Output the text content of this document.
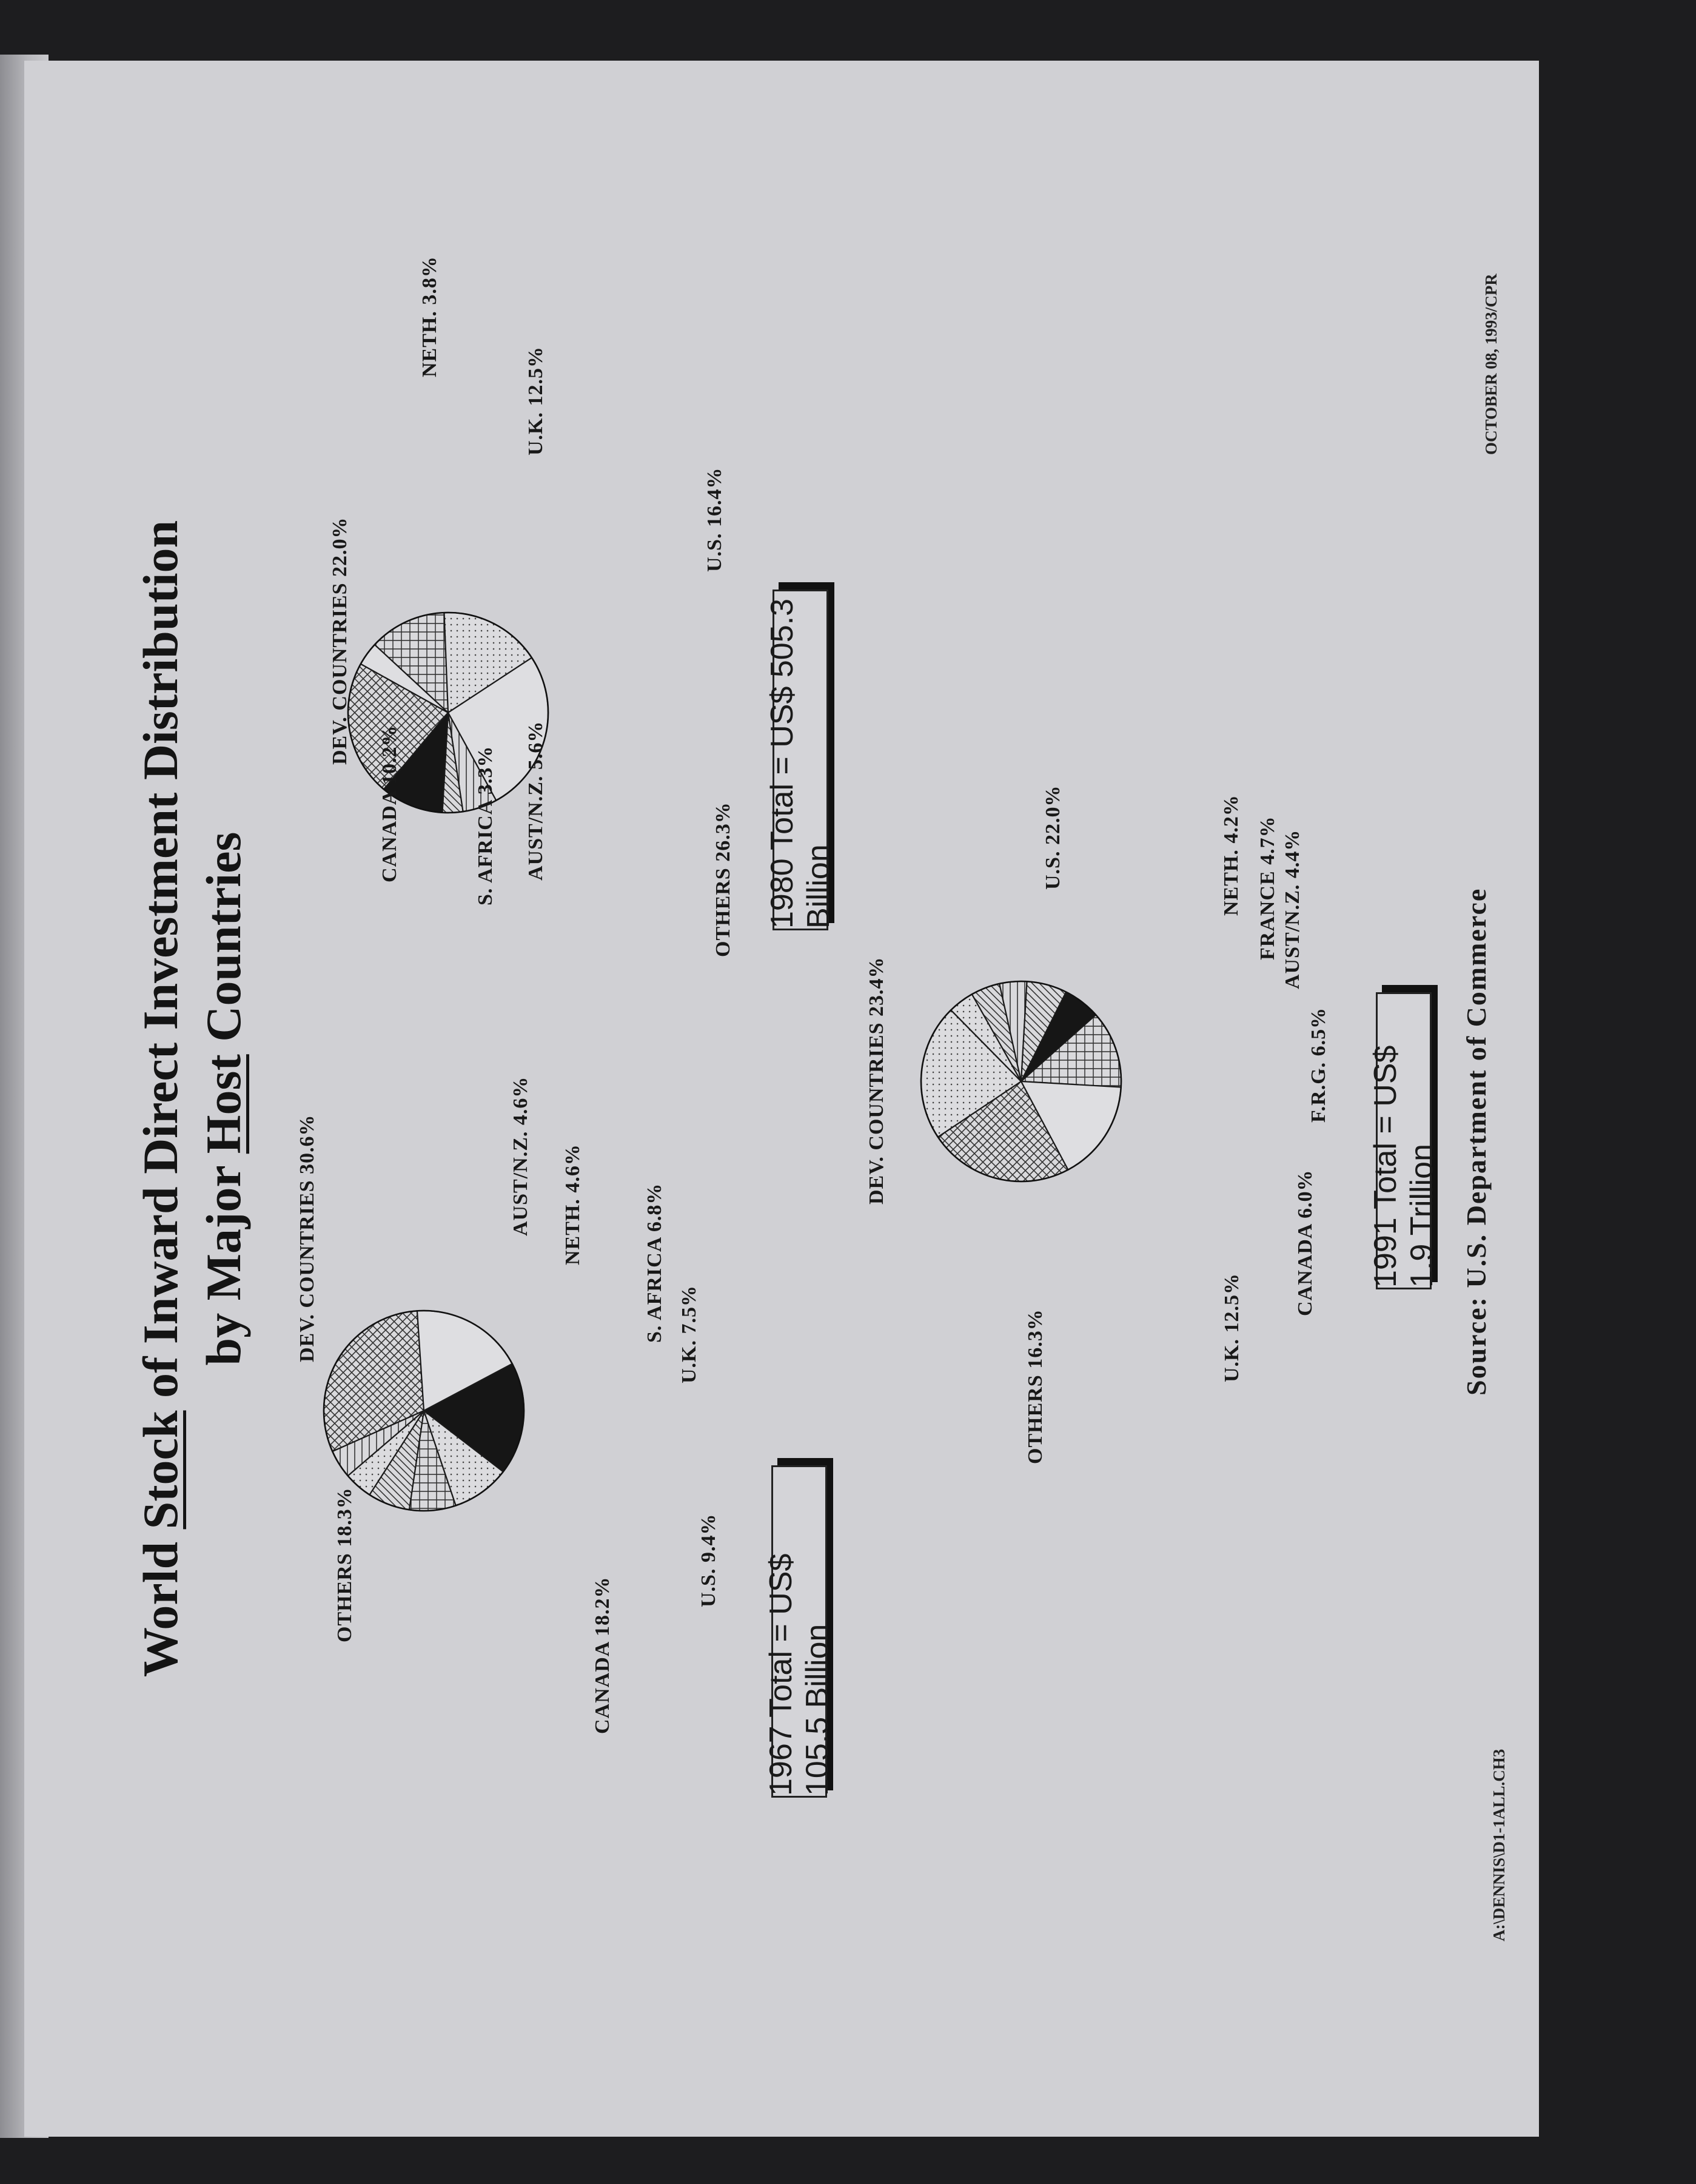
World Stock of Inward Direct Investment Distribution by Major Host Countries
DEV. COUNTRIES 30.6%
OTHERS 18.3%
CANADA 18.2%
U.S. 9.4%
U.K. 7.5%
S. AFRICA 6.8%
NETH. 4.6%
AUST/N.Z. 4.6%
1967 Total = US$ 105.5 Billion
DEV. COUNTRIES 22.0%
NETH. 3.8%
U.K. 12.5%
U.S. 16.4%
OTHERS 26.3%
AUST/N.Z. 5.6%
S. AFRICA 3.3%
CANADA 10.2%	1980 Total = US$ 505.3 Billion
DEV. COUNTRIES 23.4%
U.S. 22.0%	NETH. 4.2% FRANCE 4.7% AUST/N.Z. 4.4%
F.R.G. 6.5%
CANADA 6.0%
U.K. 12.5%
OTHERS 16.3%
1991 Total = US$ 1.9 Trillion Source: U.S. Department of Commerce
A:\DENNIS\D1-1ALL.CH3
OCTOBER 08, 1993/CPR
